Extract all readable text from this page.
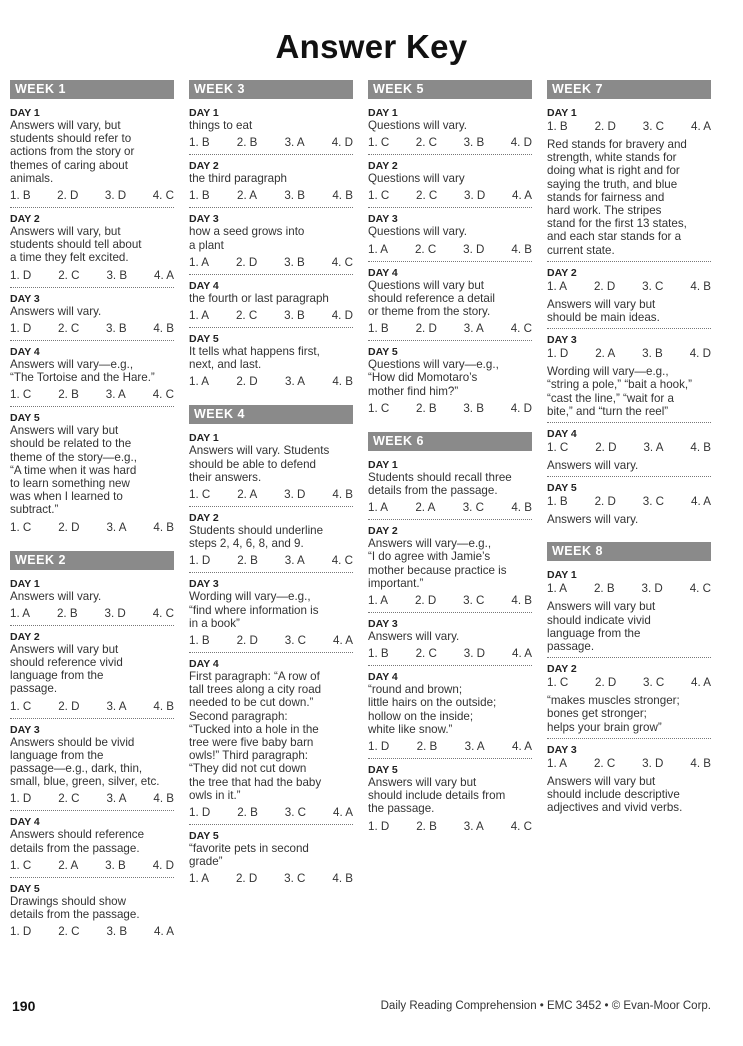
Answer Key
WEEK 1
DAY 1
Answers will vary, but
students should refer to
actions from the story or
themes of caring about
animals.
1. B 2. D 3. D 4. C
DAY 2
Answers will vary, but
students should tell about
a time they felt excited.
1. D 2. C 3. B 4. A
DAY 3
Answers will vary.
1. D 2. C 3. B 4. B
DAY 4
Answers will vary—e.g.,
“The Tortoise and the Hare.”
1. C 2. B 3. A 4. C
DAY 5
Answers will vary but
should be related to the
theme of the story—e.g.,
“A time when it was hard
to learn something new
was when I learned to
subtract.”
1. C 2. D 3. A 4. B
WEEK 2
DAY 1
Answers will vary.
1. A 2. B 3. D 4. C
DAY 2
Answers will vary but
should reference vivid
language from the
passage.
1. C 2. D 3. A 4. B
DAY 3
Answers should be vivid
language from the
passage—e.g., dark, thin,
small, blue, green, silver, etc.
1. D 2. C 3. A 4. B
DAY 4
Answers should reference
details from the passage.
1. C 2. A 3. B 4. D
DAY 5
Drawings should show
details from the passage.
1. D 2. C 3. B 4. A
WEEK 3
DAY 1
things to eat
1. B 2. B 3. A 4. D
DAY 2
the third paragraph
1. B 2. A 3. B 4. B
DAY 3
how a seed grows into
a plant
1. A 2. D 3. B 4. C
DAY 4
the fourth or last paragraph
1. A 2. C 3. B 4. D
DAY 5
It tells what happens first,
next, and last.
1. A 2. D 3. A 4. B
WEEK 4
DAY 1
Answers will vary. Students
should be able to defend
their answers.
1. C 2. A 3. D 4. B
DAY 2
Students should underline
steps 2, 4, 6, 8, and 9.
1. D 2. B 3. A 4. C
DAY 3
Wording will vary—e.g.,
“find where information is
in a book”
1. B 2. D 3. C 4. A
DAY 4
First paragraph: “A row of
tall trees along a city road
needed to be cut down.”
Second paragraph:
“Tucked into a hole in the
tree were five baby barn
owls!” Third paragraph:
“They did not cut down
the tree that had the baby
owls in it.”
1. D 2. B 3. C 4. A
DAY 5
“favorite pets in second
grade”
1. A 2. D 3. C 4. B
WEEK 5
DAY 1
Questions will vary.
1. C 2. C 3. B 4. D
DAY 2
Questions will vary
1. C 2. C 3. D 4. A
DAY 3
Questions will vary.
1. A 2. C 3. D 4. B
DAY 4
Questions will vary but
should reference a detail
or theme from the story.
1. B 2. D 3. A 4. C
DAY 5
Questions will vary—e.g.,
“How did Momotaro’s
mother find him?”
1. C 2. B 3. B 4. D
WEEK 6
DAY 1
Students should recall three
details from the passage.
1. A 2. A 3. C 4. B
DAY 2
Answers will vary—e.g.,
“I do agree with Jamie’s
mother because practice is
important.”
1. A 2. D 3. C 4. B
DAY 3
Answers will vary.
1. B 2. C 3. D 4. A
DAY 4
“round and brown;
little hairs on the outside;
hollow on the inside;
white like snow.”
1. D 2. B 3. A 4. A
DAY 5
Answers will vary but
should include details from
the passage.
1. D 2. B 3. A 4. C
WEEK 7
DAY 1
1. B 2. D 3. C 4. A
Red stands for bravery and
strength, white stands for
doing what is right and for
saying the truth, and blue
stands for fairness and
hard work. The stripes
stand for the first 13 states,
and each star stands for a
current state.
DAY 2
1. A 2. D 3. C 4. B
Answers will vary but
should be main ideas.
DAY 3
1. D 2. A 3. B 4. D
Wording will vary—e.g.,
“string a pole,” “bait a hook,”
“cast the line,” “wait for a
bite,” and “turn the reel”
DAY 4
1. C 2. D 3. A 4. B
Answers will vary.
DAY 5
1. B 2. D 3. C 4. A
Answers will vary.
WEEK 8
DAY 1
1. A 2. B 3. D 4. C
Answers will vary but
should indicate vivid
language from the
passage.
DAY 2
1. C 2. D 3. C 4. A
“makes muscles stronger;
bones get stronger;
helps your brain grow”
DAY 3
1. A 2. C 3. D 4. B
Answers will vary but
should include descriptive
adjectives and vivid verbs.
190	Daily Reading Comprehension • EMC 3452 • © Evan-Moor Corp.
